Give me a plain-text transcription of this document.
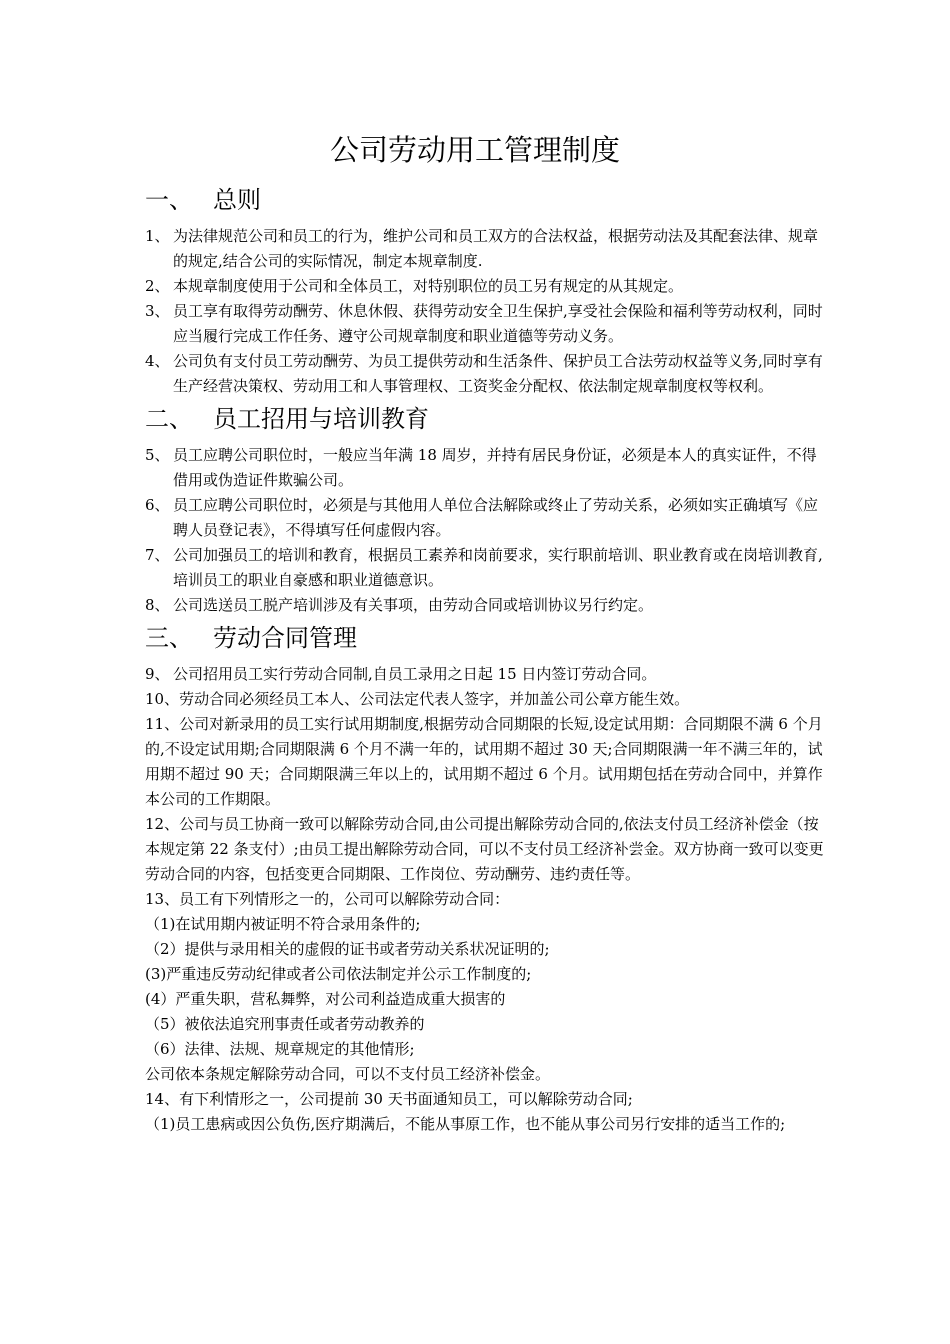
公司劳动用工管理制度
一、 总则
1、 为法律规范公司和员工的行为，维护公司和员工双方的合法权益，根据劳动法及其配套法律、规章的规定,结合公司的实际情况，制定本规章制度.
2、 本规章制度使用于公司和全体员工，对特别职位的员工另有规定的从其规定。
3、 员工享有取得劳动酬劳、休息休假、获得劳动安全卫生保护,享受社会保险和福利等劳动权利，同时应当履行完成工作任务、遵守公司规章制度和职业道德等劳动义务。
4、 公司负有支付员工劳动酬劳、为员工提供劳动和生活条件、保护员工合法劳动权益等义务,同时享有生产经营决策权、劳动用工和人事管理权、工资奖金分配权、依法制定规章制度权等权利。
二、 员工招用与培训教育
5、 员工应聘公司职位时，一般应当年满 18 周岁，并持有居民身份证，必须是本人的真实证件，不得借用或伪造证件欺骗公司。
6、 员工应聘公司职位时，必须是与其他用人单位合法解除或终止了劳动关系，必须如实正确填写《应聘人员登记表》，不得填写任何虚假内容。
7、 公司加强员工的培训和教育，根据员工素养和岗前要求，实行职前培训、职业教育或在岗培训教育,培训员工的职业自豪感和职业道德意识。
8、 公司选送员工脱产培训涉及有关事项，由劳动合同或培训协议另行约定。
三、 劳动合同管理
9、 公司招用员工实行劳动合同制,自员工录用之日起 15 日内签订劳动合同。

10、劳动合同必须经员工本人、公司法定代表人签字，并加盖公司公章方能生效。

11、公司对新录用的员工实行试用期制度,根据劳动合同期限的长短,设定试用期：合同期限不满 6 个月的,不设定试用期;合同期限满 6 个月不满一年的，试用期不超过 30 天;合同期限满一年不满三年的，试用期不超过 90 天；合同期限满三年以上的，试用期不超过 6 个月。试用期包括在劳动合同中，并算作本公司的工作期限。

12、公司与员工协商一致可以解除劳动合同,由公司提出解除劳动合同的,依法支付员工经济补偿金（按本规定第 22 条支付）;由员工提出解除劳动合同，可以不支付员工经济补尝金。双方协商一致可以变更劳动合同的内容，包括变更合同期限、工作岗位、劳动酬劳、违约责任等。

13、员工有下列情形之一的，公司可以解除劳动合同：

（1)在试用期内被证明不符合录用条件的;

（2）提供与录用相关的虚假的证书或者劳动关系状况证明的;

(3)严重违反劳动纪律或者公司依法制定并公示工作制度的;

(4）严重失职，营私舞弊，对公司利益造成重大损害的

（5）被依法追究刑事责任或者劳动教养的

（6）法律、法规、规章规定的其他情形;

公司依本条规定解除劳动合同，可以不支付员工经济补偿金。

14、有下利情形之一，公司提前 30 天书面通知员工，可以解除劳动合同;

（1)员工患病或因公负伤,医疗期满后，不能从事原工作，也不能从事公司另行安排的适当工作的;
